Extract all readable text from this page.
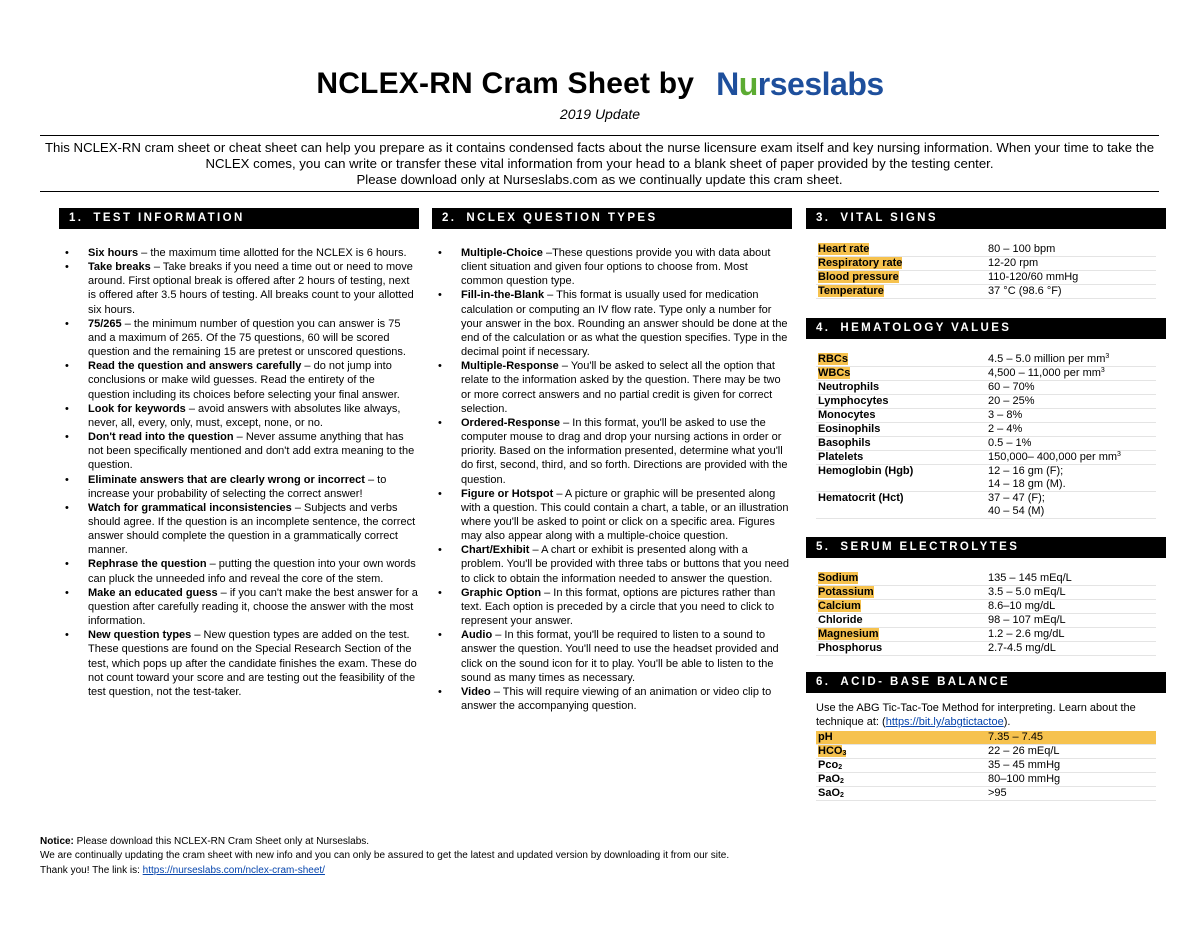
NCLEX-RN Cram Sheet by N u rseslabs
2019 Update
This NCLEX-RN cram sheet or cheat sheet can help you prepare as it contains condensed facts about the nurse licensure exam itself and key nursing information. When your time to take the NCLEX comes, you can write or transfer these vital information from your head to a blank sheet of paper provided by the testing center.
Please download only at Nurseslabs.com as we continually update this cram sheet.
1. TEST INFORMATION
• Six hours – the maximum time allotted for the NCLEX is 6 hours.
• Take breaks – Take breaks if you need a time out or need to move around. First optional break is offered after 2 hours of testing, next is offered after 3.5 hours of testing. All breaks count to your allotted six hours.
• 75/265 – the minimum number of question you can answer is 75 and a maximum of 265. Of the 75 questions, 60 will be scored question and the remaining 15 are pretest or unscored questions.
• Read the question and answers carefully – do not jump into conclusions or make wild guesses. Read the entirety of the question including its choices before selecting your final answer.
• Look for keywords – avoid answers with absolutes like always, never, all, every, only, must, except, none, or no.
• Don't read into the question – Never assume anything that has not been specifically mentioned and don't add extra meaning to the question.
• Eliminate answers that are clearly wrong or incorrect – to increase your probability of selecting the correct answer!
• Watch for grammatical inconsistencies – Subjects and verbs should agree. If the question is an incomplete sentence, the correct answer should complete the question in a grammatically correct manner.
• Rephrase the question – putting the question into your own words can pluck the unneeded info and reveal the core of the stem.
• Make an educated guess – if you can't make the best answer for a question after carefully reading it, choose the answer with the most information.
• New question types – New question types are added on the test. These questions are found on the Special Research Section of the test, which pops up after the candidate finishes the exam. These do not count toward your score and are testing out the feasibility of the test question, not the test-taker.
2. NCLEX QUESTION TYPES
• Multiple-Choice –These questions provide you with data about client situation and given four options to choose from. Most common question type.
• Fill-in-the-Blank – This format is usually used for medication calculation or computing an IV flow rate. Type only a number for your answer in the box. Rounding an answer should be done at the end of the calculation or as what the question specifies. Type in the decimal point if necessary.
• Multiple-Response – You'll be asked to select all the option that relate to the information asked by the question. There may be two or more correct answers and no partial credit is given for correct selection.
• Ordered-Response – In this format, you'll be asked to use the computer mouse to drag and drop your nursing actions in order or priority. Based on the information presented, determine what you'll do first, second, third, and so forth. Directions are provided with the question.
• Figure or Hotspot – A picture or graphic will be presented along with a question. This could contain a chart, a table, or an illustration where you'll be asked to point or click on a specific area. Figures may also appear along with a multiple-choice question.
• Chart/Exhibit – A chart or exhibit is presented along with a problem. You'll be provided with three tabs or buttons that you need to click to obtain the information needed to answer the question.
• Graphic Option – In this format, options are pictures rather than text. Each option is preceded by a circle that you need to click to represent your answer.
• Audio – In this format, you'll be required to listen to a sound to answer the question. You'll need to use the headset provided and click on the sound icon for it to play. You'll be able to listen to the sound as many times as necessary.
• Video – This will require viewing of an animation or video clip to answer the accompanying question.
3. VITAL SIGNS
Heart rate	80 – 100 bpm
Respiratory rate	12-20 rpm
Blood pressure	110-120/60 mmHg
Temperature	37 °C (98.6 °F)
4. HEMATOLOGY VALUES
RBCs	4.5 – 5.0 million per $mm^3$
WBCs	4,500 – 11,000 per $mm^3$
Neutrophils	60 – 70%
Lymphocytes	20 – 25%
Monocytes	3 – 8%
Eosinophils	2 – 4%
Basophils	0.5 – 1%
Platelets	150,000– 400,000 per $mm^3$
Hemoglobin (Hgb)	12 – 16 gm (F);
14 – 18 gm (M).
Hematocrit (Hct)	37 – 47 (F);
40 – 54 (M)
5. SERUM ELECTROLYTES
Sodium	135 – 145 mEq/L
Potassium	3.5 – 5.0 mEq/L
Calcium	8.6–10 mg/dL
Chloride	98 – 107 mEq/L
Magnesium	1.2 – 2.6 mg/dL
Phosphorus	2.7-4.5 mg/dL
6. ACID- BASE BALANCE
Use the ABG Tic-Tac-Toe Method for interpreting. Learn about the technique at: (https://bit.ly/abgtictactoe).
pH	7.35 – 7.45
$HCO_3$	22 – 26 mEq/L
Pco$_2$	35 – 45 mmHg
PaO$_2$	80–100 mmHg
SaO$_2$	>95
Notice: Please download this NCLEX-RN Cram Sheet only at Nurseslabs.
We are continually updating the cram sheet with new info and you can only be assured to get the latest and updated version by downloading it from our site.
Thank you! The link is: https://nurseslabs.com/nclex-cram-sheet/
